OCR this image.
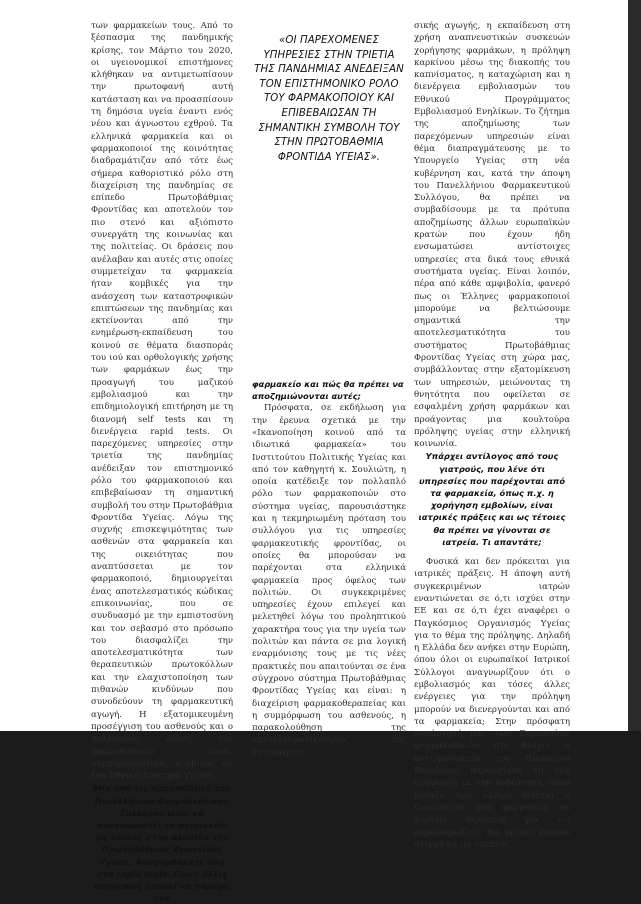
των φαρμακείων τους. Από το ξέσπασμα της πανδημικής κρίσης, τον Μάρτιο του 2020, οι υγειονομικοί επιστήμονες κλήθηκαν να αντιμετωπίσουν την πρωτοφανή αυτή κατάσταση και να προασπίσουν τη δημόσια υγεία έναντι ενός νέου και άγνωστου εχθρού. Τα ελληνικά φαρμακεία και οι φαρμακοποιοί της κοινότητας διαδραμάτιζαν από τότε έως σήμερα καθοριστικό ρόλο στη διαχείριση της πανδημίας σε επίπεδο Πρωτοβάθμιας Φροντίδας και αποτελούν τον πιο στενό και αξιόπιστο συνεργάτη της κοινωνίας και της πολιτείας. Οι δράσεις που ανέλαβαν και αυτές στις οποίες συμμετείχαν τα φαρμακεία ήταν κομβικές για την ανάσχεση των καταστροφικών επιπτώσεων της πανδημίας και εκτείνονται από την ενημέρωση-εκπαίδευση του κοινού σε θέματα διασποράς του ιού και ορθολογικής χρήσης των φαρμάκων έως την προαγωγή του μαζικού εμβολιασμού και την επιδημιολογική επιτήρηση με τη διανομή self tests και τη διενέργεια rapid tests. Οι παρεχόμενες υπηρεσίες στην τριετία της πανδημίας ανέδειξαν τον επιστημονικό ρόλο του φαρμακοποιού και επιβεβαίωσαν τη σημαντική συμβολή του στην Πρωτοβάθμια Φροντίδα Υγείας. Λόγω της συχνής επισκεψιμότητας των ασθενών στα φαρμακεία και της οικειότητας που αναπτύσσεται με τον φαρμακοποιό, δημιουργείται ένας αποτελεσματικός κώδικας επικοινωνίας, που σε συνδυασμό με την εμπιστοσύνη και τον σεβασμό στο πρόσωπο του διασφαλίζει την αποτελεσματικότητα των θεραπευτικών πρωτοκόλλων και την ελαχιστοποίηση των πιθανών κινδύνων που συνοδεύουν τη φαρμακευτική αγωγή. Η εξατομικευμένη προσέγγιση του ασθενούς και ο πολλαπλός ρόλος του φαρμακοποιού είναι, συμπερασματικά, κομβικός σε ένα Εθνικό Σύστημα Υγείας.

Μία από τις προσπάθειες του Πανελλήνιου Φαρμακευτικού Συλλόγου είναι να αναγνωριστεί το φαρμακείο ως κρίκος στην αλυσίδα της Πρωτοβάθμιας Φροντίδας Υγείας. Αναφερθήκατε ήδη στα rapid tests. Ποιες άλλες υπηρεσίες μπορεί να παρέχει ένα

«ΟΙ ΠΑΡΕΧΟΜΕΝΕΣ ΥΠΗΡΕΣΙΕΣ ΣΤΗΝ ΤΡΙΕΤΙΑ ΤΗΣ ΠΑΝΔΗΜΙΑΣ ΑΝΕΔΕΙΞΑΝ ΤΟΝ ΕΠΙΣΤΗΜΟΝΙΚΟ ΡΟΛΟ ΤΟΥ ΦΑΡΜΑΚΟΠΟΙΟΥ ΚΑΙ ΕΠΙΒΕΒΑΙΩΣΑΝ ΤΗ ΣΗΜΑΝΤΙΚΗ ΣΥΜΒΟΛΗ ΤΟΥ ΣΤΗΝ ΠΡΩΤΟΒΑΘΜΙΑ ΦΡΟΝΤΙΔΑ ΥΓΕΙΑΣ».

φαρμακείο και πώς θα πρέπει να αποζημιώνονται αυτές;

Πρόσφατα, σε εκδήλωση για την έρευνα σχετικά με την «Ικανοποίηση κοινού από τα ιδιωτικά φαρμακεία» του Ινστιτούτου Πολιτικής Υγείας και από τον καθηγητή κ. Σουλιώτη, η οποία κατέδειξε τον πολλαπλό ρόλο των φαρμακοποιών στο σύστημα υγείας, παρουσιάστηκε και η τεκμηριωμένη πρόταση του συλλόγου για τις υπηρεσίες φαρμακευτικής φροντίδας, οι οποίες θα μπορούσαν να παρέχονται στα ελληνικά φαρμακεία προς όφελος των πολιτών. Οι συγκεκριμένες υπηρεσίες έχουν επιλεγεί και μελετηθεί λόγω του προληπτικού χαρακτήρα τους για την υγεία των πολιτών και πάντα σε μια λογική εναρμόνισης τους με τις νέες πρακτικές που απαιτούνται σε ένα σύγχρονο σύστημα Πρωτοβάθμιας Φροντίδας Υγείας και είναι: η διαχείριση φαρμακοθεραπείας και η συμμόρφωση του ασθενούς, η παρακολούθηση της αποτελεσματικότητας της αντιυπερτα-

σικής αγωγής, η εκπαίδευση στη χρήση αναπνευστικών συσκευών χορήγησης φαρμάκων, η πρόληψη καρκίνου μέσω της διακοπής του καπνίσματος, η καταχώριση και η διενέργεια εμβολιασμών του Εθνικού Προγράμματος Εμβολιασμού Ενηλίκων. Το ζήτημα της αποζημίωσης των παρεχόμενων υπηρεσιών είναι θέμα διαπραγμάτευσης με το Υπουργείο Υγείας στη νέα κυβέρνηση και, κατά την άποψη του Πανελλήνιου Φαρμακευτικού Συλλόγου, θα πρέπει να συμβαδίσουμε με τα πρότυπα αποζημίωσης άλλων ευρωπαϊκών κρατών που έχουν ήδη ενσωματώσει αντίστοιχες υπηρεσίες στα δικά τους εθνικά συστήματα υγείας. Είναι λοιπόν, πέρα από κάθε αμφιβολία, φανερό πως οι Έλληνες φαρμακοποιοί μπορούμε να βελτιώσουμε σημαντικά την αποτελεσματικότητα του συστήματος Πρωτοβάθμιας Φροντίδας Υγείας στη χώρα μας, συμβάλλοντας στην εξατομίκευση των υπηρεσιών, μειώνοντας τη θνητότητα που οφείλεται σε εσφαλμένη χρήση φαρμάκων και προάγοντας μια κουλτούρα πρόληψης υγείας στην ελληνική κοινωνία.

Υπάρχει αντίλογος από τους γιατρούς, που λένε ότι υπηρεσίες που παρέχονται από τα φαρμακεία, όπως π.χ. η χορήγηση εμβολίων, είναι ιατρικές πράξεις και ως τέτοιες θα πρέπει να γίνονται σε ιατρεία. Τι απαντάτε;

Φυσικά και δεν πρόκειται για ιατρικές πράξεις. Η άποψη αυτή συγκεκριμένων ιατρών εναντιώνεται σε ό,τι ισχύει στην ΕΕ και σε ό,τι έχει αναφέρει ο Παγκόσμιος Οργανισμός Υγείας για το θέμα της πρόληψης. Δηλαδή η Ελλάδα δεν ανήκει στην Ευρώπη, όπου όλοι οι ευρωπαϊκοί Ιατρικοί Σύλλογοι αναγνωρίζουν ότι ο εμβολιασμός και τόσες άλλες ενέργειες για την πρόληψη μπορούν να διενεργούνται και από τα φαρμακεία; Στην πρόσφατη συνάντησή μας των Ευρωπαίων φαρμακοποιών, στο Βέλγιο, η αντιπροσωπεία του Ηνωμένου Βασιλείου παρουσίασε τη νέα συμφωνία με την κυβέρνηση, όπου μεταξύ των άλλων δίδεται η δυνατότητα στο φαρμακείο να χορηγεί θεραπεία για τις ουρολοιμώξεις. Θα πρέπει κάποια στιγμή να μη σκεπτό-
